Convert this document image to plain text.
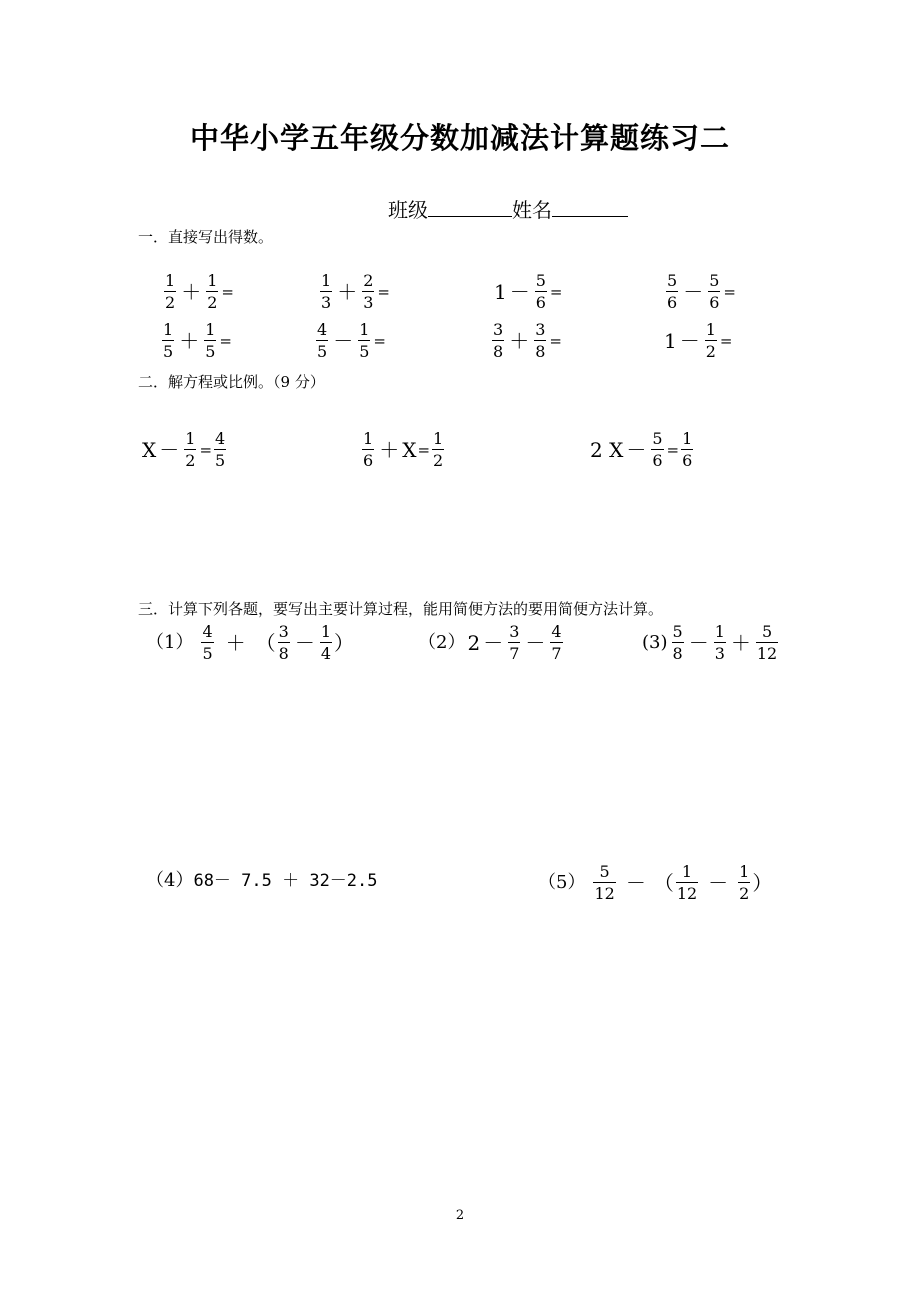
中华小学五年级分数加减法计算题练习二
班级	姓名
一．直接写出得数。
$\frac{1}{2} + \frac{1}{2}$ =	$\frac{1}{3} + \frac{2}{3}$ =	$1 - \frac{5}{6}$ =	$\frac{5}{6} - \frac{5}{6}$ =
$\frac{1}{5} + \frac{1}{5}$ =	$\frac{4}{5} - \frac{1}{5}$ =	$\frac{3}{8} + \frac{3}{8}$ =	$1 - \frac{1}{2}$ =
二．解方程或比例。（9 分）
$X - \frac{1}{2} = \frac{4}{5}$	$\frac{1}{6} + X = \frac{1}{2}$	2 $X - \frac{5}{6} = \frac{1}{6}$
三．计算下列各题，要写出主要计算过程，能用简便方法的要用简便方法计算。
$(1) \frac{4}{5}$ ＋ （ $\frac{3}{8} - \frac{1}{4}$ ）	（2） $2 - \frac{3}{7} - \frac{4}{7}$	$(3) \frac{5}{8} - \frac{1}{3} + \frac{5}{12}$
（4） 68－ 7.5 ＋ 32－2.5	$(5) \frac{5}{12}$ － （ $\frac{1}{12} - \frac{1}{2}$ ）
2
